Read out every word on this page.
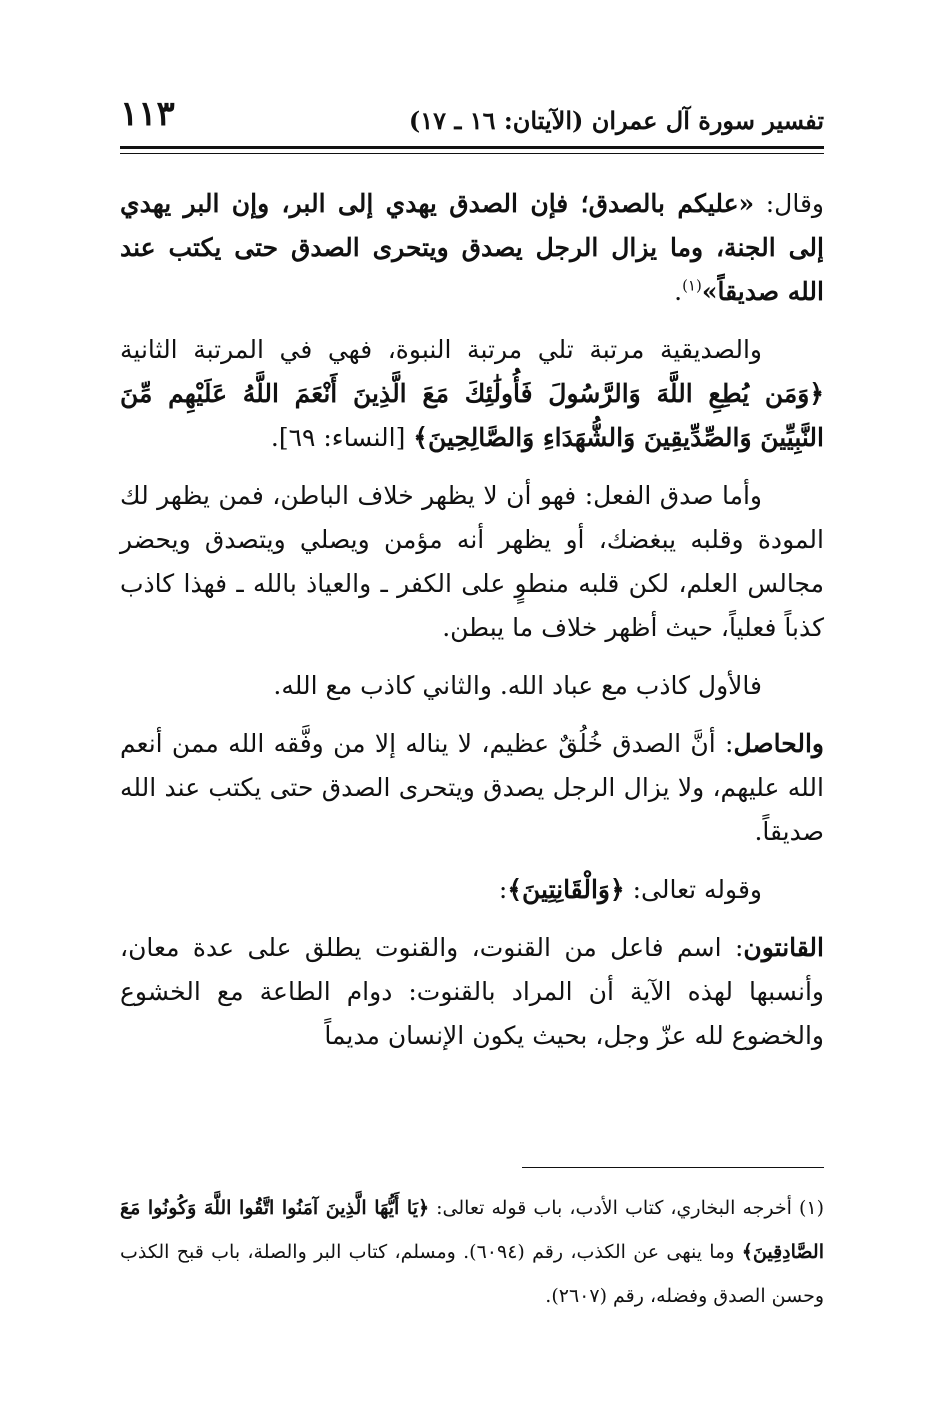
تفسير سورة آل عمران (الآيتان: ١٦ ـ ١٧)
١١٣

وقال: «عليكم بالصدق؛ فإن الصدق يهدي إلى البر، وإن البر يهدي إلى الجنة، وما يزال الرجل يصدق ويتحرى الصدق حتى يكتب عند الله صديقاً»$^{(١)}$.

والصديقية مرتبة تلي مرتبة النبوة، فهي في المرتبة الثانية ﴿وَمَن يُطِعِ اللَّهَ وَالرَّسُولَ فَأُولَٰئِكَ مَعَ الَّذِينَ أَنْعَمَ اللَّهُ عَلَيْهِم مِّنَ النَّبِيِّينَ وَالصِّدِّيقِينَ وَالشُّهَدَاءِ وَالصَّالِحِينَ﴾ [النساء: ٦٩].

وأما صدق الفعل: فهو أن لا يظهر خلاف الباطن، فمن يظهر لك المودة وقلبه يبغضك، أو يظهر أنه مؤمن ويصلي ويتصدق ويحضر مجالس العلم، لكن قلبه منطوٍ على الكفر ـ والعياذ بالله ـ فهذا كاذب كذباً فعلياً، حيث أظهر خلاف ما يبطن.

فالأول كاذب مع عباد الله. والثاني كاذب مع الله.

والحاصل: أنَّ الصدق خُلُقٌ عظيم، لا يناله إلا من وفَّقه الله ممن أنعم الله عليهم، ولا يزال الرجل يصدق ويتحرى الصدق حتى يكتب عند الله صديقاً.

وقوله تعالى: ﴿وَالْقَانِتِينَ﴾:

القانتون: اسم فاعل من القنوت، والقنوت يطلق على عدة معان، وأنسبها لهذه الآية أن المراد بالقنوت: دوام الطاعة مع الخشوع والخضوع لله عزّ وجل، بحيث يكون الإنسان مديماً

(١) أخرجه البخاري، كتاب الأدب، باب قوله تعالى: ﴿يَا أَيُّهَا الَّذِينَ آمَنُوا اتَّقُوا اللَّهَ وَكُونُوا مَعَ الصَّادِقِينَ﴾ وما ينهى عن الكذب، رقم (٦٠٩٤). ومسلم، كتاب البر والصلة، باب قبح الكذب وحسن الصدق وفضله، رقم (٢٦٠٧).
